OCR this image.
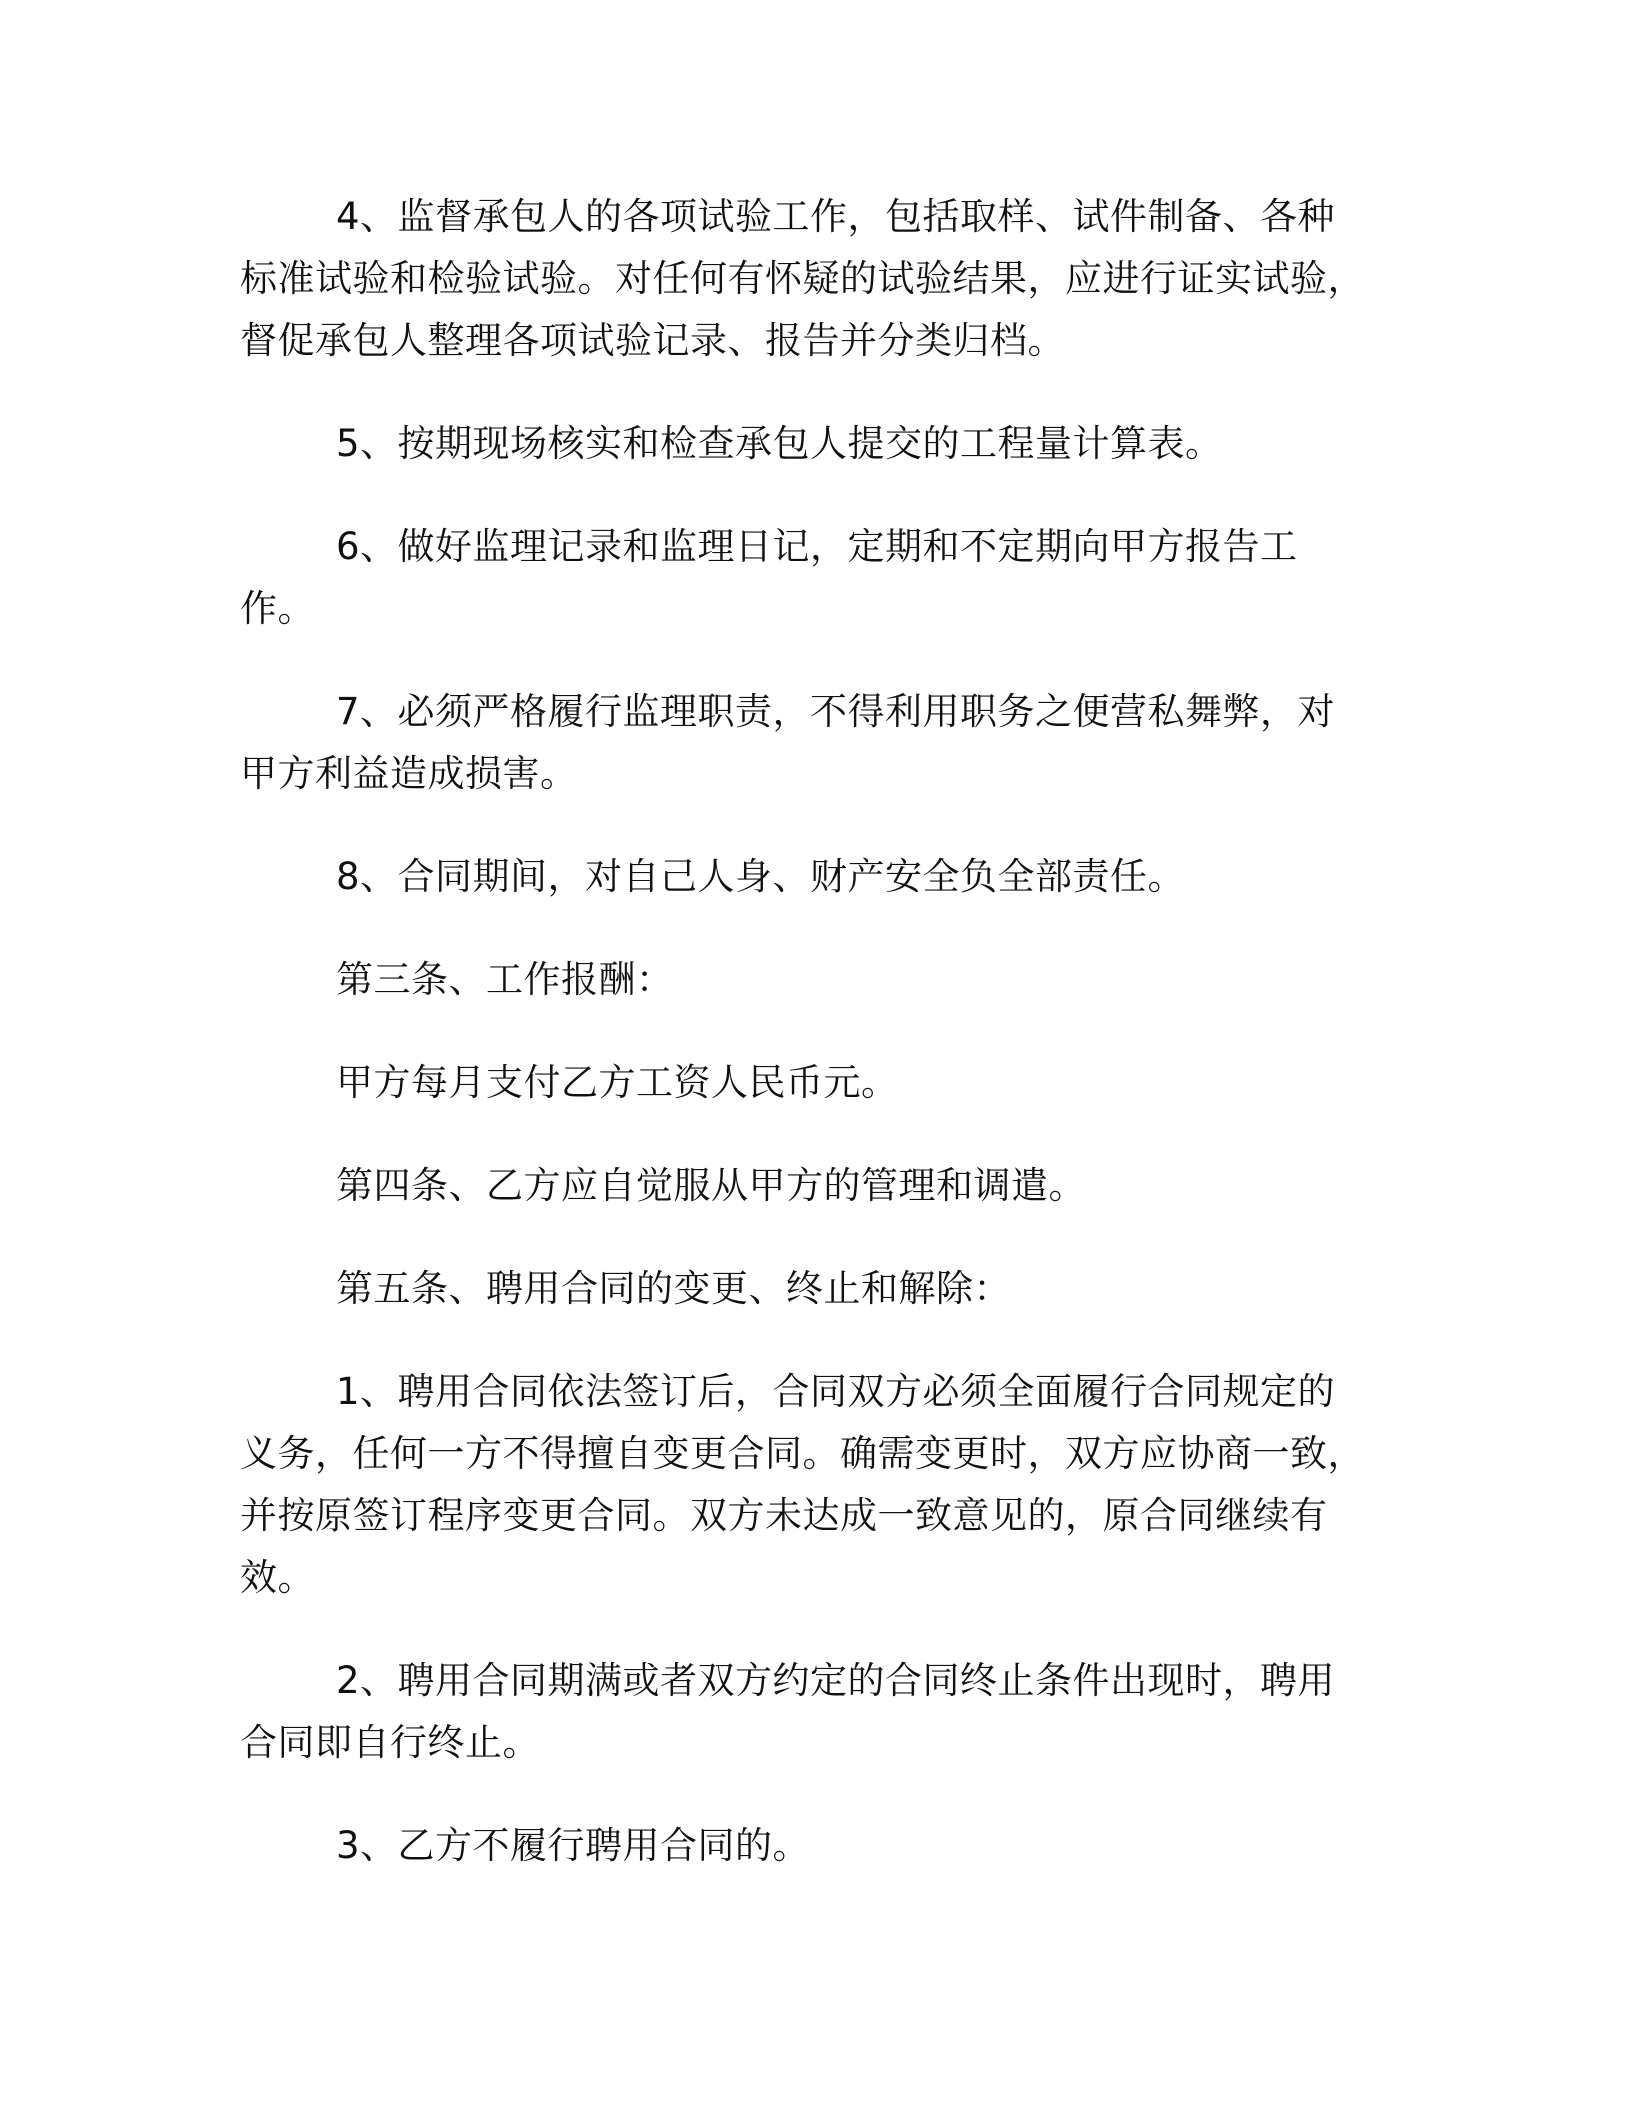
4、监督承包人的各项试验工作，包括取样、试件制备、各种标准试验和检验试验。对任何有怀疑的试验结果，应进行证实试验，督促承包人整理各项试验记录、报告并分类归档。

5、按期现场核实和检查承包人提交的工程量计算表。

6、做好监理记录和监理日记，定期和不定期向甲方报告工作。

7、必须严格履行监理职责，不得利用职务之便营私舞弊，对甲方利益造成损害。

8、合同期间，对自己人身、财产安全负全部责任。

第三条、工作报酬：

甲方每月支付乙方工资人民币元。

第四条、乙方应自觉服从甲方的管理和调遣。

第五条、聘用合同的变更、终止和解除：

1、聘用合同依法签订后，合同双方必须全面履行合同规定的义务，任何一方不得擅自变更合同。确需变更时，双方应协商一致，并按原签订程序变更合同。双方未达成一致意见的，原合同继续有效。

2、聘用合同期满或者双方约定的合同终止条件出现时，聘用合同即自行终止。

3、乙方不履行聘用合同的。
